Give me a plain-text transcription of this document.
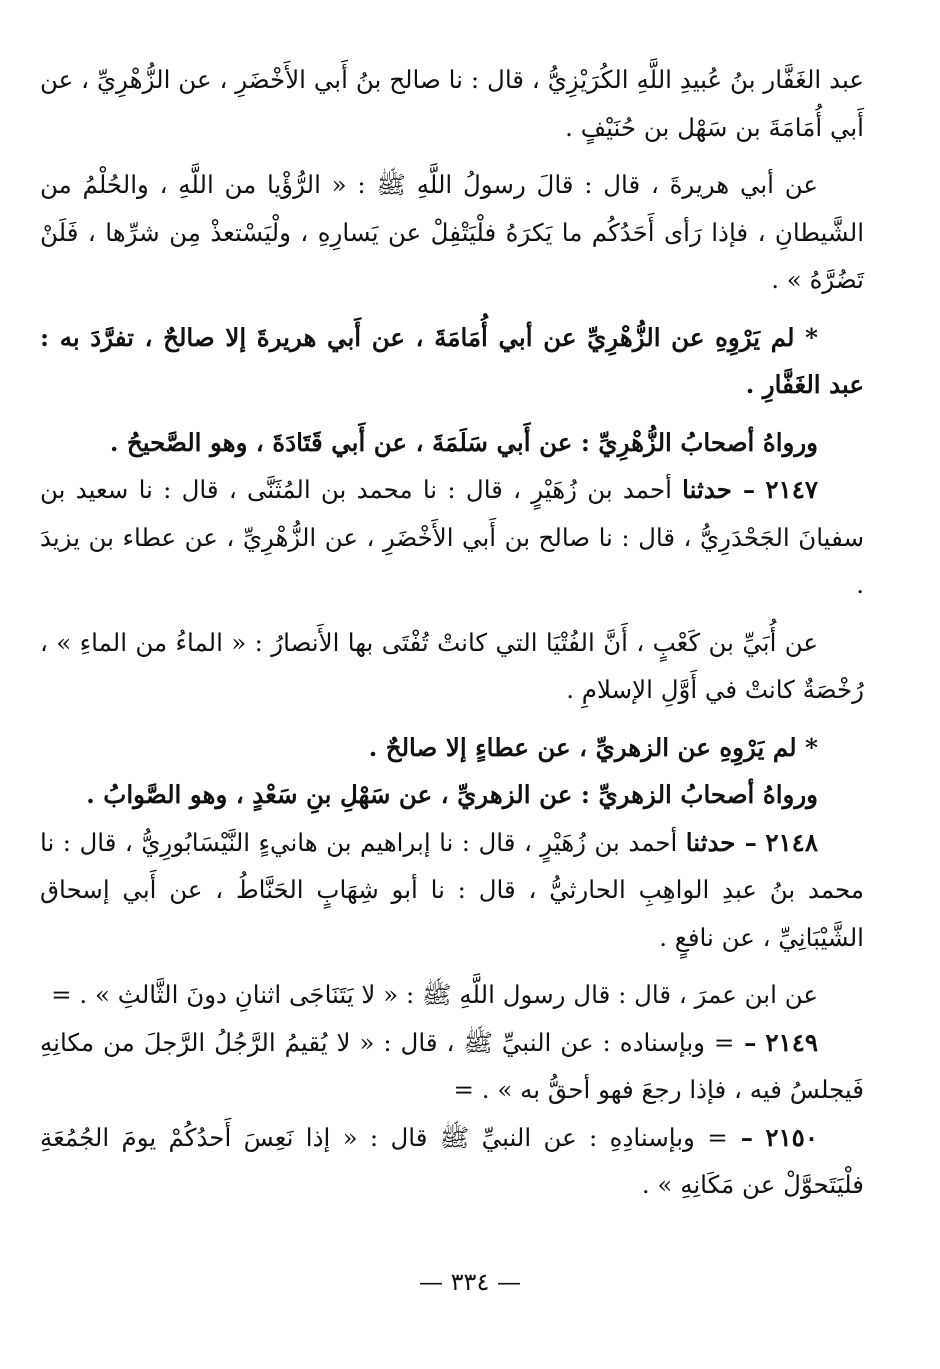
عبد الغَفَّار بنُ عُبيدِ اللَّهِ الكُرَيْزِيُّ ، قال : نا صالح بنُ أَبي الأَخْضَرِ ، عن الزُّهْرِيِّ ، عن أَبي أُمَامَةَ بن سَهْل بن حُنَيْفٍ .

عن أبي هريرةَ ، قال : قالَ رسولُ اللَّهِ ﷺ : « الرُّؤْيا من اللَّهِ ، والحُلْمُ من الشَّيطانِ ، فإذا رَأى أَحَدُكُم ما يَكرَهُ فلْيَتْفِلْ عن يَسارِهِ ، ولْيَسْتعذْ مِن شرِّها ، فَلَنْ تَضُرَّهُ » .

* لم يَرْوِهِ عن الزُّهْرِيِّ عن أبي أُمَامَةَ ، عن أَبي هريرةَ إلا صالحٌ ، تفرَّدَ به : عبد الغَفَّارِ .

ورواهُ أصحابُ الزُّهْرِيِّ : عن أَبي سَلَمَةَ ، عن أَبي قَتَادَةَ ، وهو الصَّحيحُ .

٢١٤٧ – حدثنا أحمد بن زُهَيْرٍ ، قال : نا محمد بن المُثَنَّى ، قال : نا سعيد بن سفيانَ الجَحْدَرِيُّ ، قال : نا صالح بن أَبي الأَخْضَرِ ، عن الزُّهْرِيِّ ، عن عطاء بن يزيدَ .

عن أُبَيِّ بن كَعْبٍ ، أَنَّ الفُتْيَا التي كانتْ تُفْتَى بها الأَنصارُ : « الماءُ من الماءِ » ، رُخْصَةٌ كانتْ في أَوَّلِ الإسلامِ .

* لم يَرْوِهِ عن الزهريِّ ، عن عطاءٍ إلا صالحٌ .

ورواهُ أصحابُ الزهريِّ : عن الزهريِّ ، عن سَهْلِ بنِ سَعْدٍ ، وهو الصَّوابُ .

٢١٤٨ – حدثنا أحمد بن زُهَيْرٍ ، قال : نا إبراهيم بن هانيءٍ النَّيْسَابُورِيُّ ، قال : نا محمد بنُ عبدِ الواهِبِ الحارثيُّ ، قال : نا أبو شِهَابٍ الحَنَّاطُ ، عن أَبي إسحاق الشَّيْبَانِيِّ ، عن نافعٍ .

عن ابن عمرَ ، قال : قال رسول اللَّهِ ﷺ : « لا يَتَنَاجَى اثنانِ دونَ الثَّالثِ » . =

٢١٤٩ – = وبإسناده : عن النبيِّ ﷺ ، قال : « لا يُقيمُ الرَّجُلُ الرَّجلَ من مكانِهِ فَيجلسُ فيه ، فإذا رجعَ فهو أحقُّ به » . =

٢١٥٠ – = وبإسنادِهِ : عن النبيِّ ﷺ قال : « إذا نَعِسَ أَحدُكُمْ يومَ الجُمُعَةِ فلْيَتَحوَّلْ عن مَكَانِهِ » .

— ٣٣٤ —
